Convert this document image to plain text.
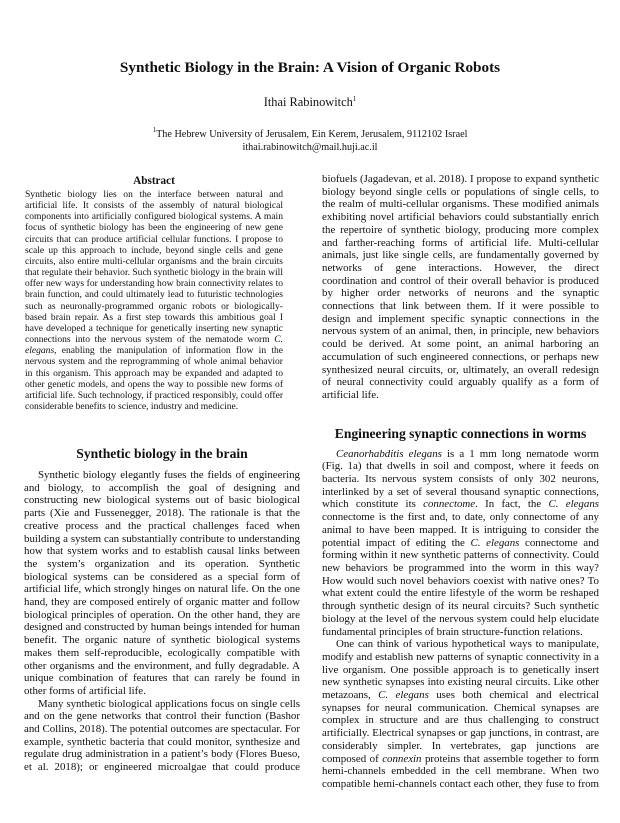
Synthetic Biology in the Brain: A Vision of Organic Robots
Ithai Rabinowitch$^1$
$^1$The Hebrew University of Jerusalem, Ein Kerem, Jerusalem, 9112102 Israel
ithai.rabinowitch@mail.huji.ac.il
Abstract

Synthetic biology lies on the interface between natural and artificial life. It consists of the assembly of natural biological components into artificially configured biological systems. A main focus of synthetic biology has been the engineering of new gene circuits that can produce artificial cellular functions. I propose to scale up this approach to include, beyond single cells and gene circuits, also entire multi-cellular organisms and the brain circuits that regulate their behavior. Such synthetic biology in the brain will offer new ways for understanding how brain connectivity relates to brain function, and could ultimately lead to futuristic technologies such as neuronally-programmed organic robots or biologically-based brain repair. As a first step towards this ambitious goal I have developed a technique for genetically inserting new synaptic connections into the nervous system of the nematode worm C. elegans, enabling the manipulation of information flow in the nervous system and the reprogramming of whole animal behavior in this organism. This approach may be expanded and adapted to other genetic models, and opens the way to possible new forms of artificial life. Such technology, if practiced responsibly, could offer considerable benefits to science, industry and medicine.

Synthetic biology in the brain

Synthetic biology elegantly fuses the fields of engineering and biology, to accomplish the goal of designing and constructing new biological systems out of basic biological parts (Xie and Fussenegger, 2018). The rationale is that the creative process and the practical challenges faced when building a system can substantially contribute to understanding how that system works and to establish causal links between the system’s organization and its operation. Synthetic biological systems can be considered as a special form of artificial life, which strongly hinges on natural life. On the one hand, they are composed entirely of organic matter and follow biological principles of operation. On the other hand, they are designed and constructed by human beings intended for human benefit. The organic nature of synthetic biological systems makes them self-reproducible, ecologically compatible with other organisms and the environment, and fully degradable. A unique combination of features that can rarely be found in other forms of artificial life.

Many synthetic biological applications focus on single cells and on the gene networks that control their function (Bashor and Collins, 2018). The potential outcomes are spectacular. For example, synthetic bacteria that could monitor, synthesize and regulate drug administration in a patient’s body (Flores Bueso, et al. 2018); or engineered microalgae that could produce

biofuels (Jagadevan, et al. 2018). I propose to expand synthetic biology beyond single cells or populations of single cells, to the realm of multi-cellular organisms. These modified animals exhibiting novel artificial behaviors could substantially enrich the repertoire of synthetic biology, producing more complex and farther-reaching forms of artificial life. Multi-cellular animals, just like single cells, are fundamentally governed by networks of gene interactions. However, the direct coordination and control of their overall behavior is produced by higher order networks of neurons and the synaptic connections that link between them. If it were possible to design and implement specific synaptic connections in the nervous system of an animal, then, in principle, new behaviors could be derived. At some point, an animal harboring an accumulation of such engineered connections, or perhaps new synthesized neural circuits, or, ultimately, an overall redesign of neural connectivity could arguably qualify as a form of artificial life.

Engineering synaptic connections in worms

Ceanorhabditis elegans is a 1 mm long nematode worm (Fig. 1a) that dwells in soil and compost, where it feeds on bacteria. Its nervous system consists of only 302 neurons, interlinked by a set of several thousand synaptic connections, which constitute its connectome. In fact, the C. elegans connectome is the first and, to date, only connectome of any animal to have been mapped. It is intriguing to consider the potential impact of editing the C. elegans connectome and forming within it new synthetic patterns of connectivity. Could new behaviors be programmed into the worm in this way? How would such novel behaviors coexist with native ones? To what extent could the entire lifestyle of the worm be reshaped through synthetic design of its neural circuits? Such synthetic biology at the level of the nervous system could help elucidate fundamental principles of brain structure-function relations.

One can think of various hypothetical ways to manipulate, modify and establish new patterns of synaptic connectivity in a live organism. One possible approach is to genetically insert new synthetic synapses into existing neural circuits. Like other metazoans, C. elegans uses both chemical and electrical synapses for neural communication. Chemical synapses are complex in structure and are thus challenging to construct artificially. Electrical synapses or gap junctions, in contrast, are considerably simpler. In vertebrates, gap junctions are composed of connexin proteins that assemble together to form hemi-channels embedded in the cell membrane. When two compatible hemi-channels contact each other, they fuse to from
